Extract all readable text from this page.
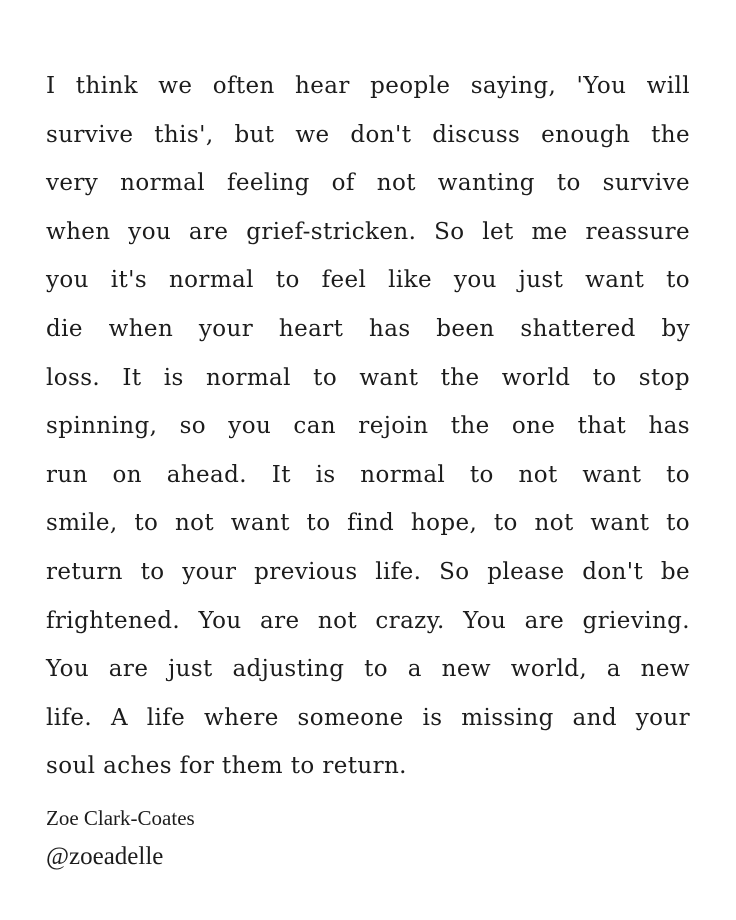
I think we often hear people saying, 'You will
survive this', but we don't discuss enough the
very normal feeling of not wanting to survive
when you are grief-stricken. So let me reassure
you it's normal to feel like you just want to
die when your heart has been shattered by
loss. It is normal to want the world to stop
spinning, so you can rejoin the one that has
run on ahead. It is normal to not want to
smile, to not want to find hope, to not want to
return to your previous life. So please don't be
frightened. You are not crazy. You are grieving.
You are just adjusting to a new world, a new
life. A life where someone is missing and your
soul aches for them to return.

Zoe Clark-Coates

@zoeadelle
